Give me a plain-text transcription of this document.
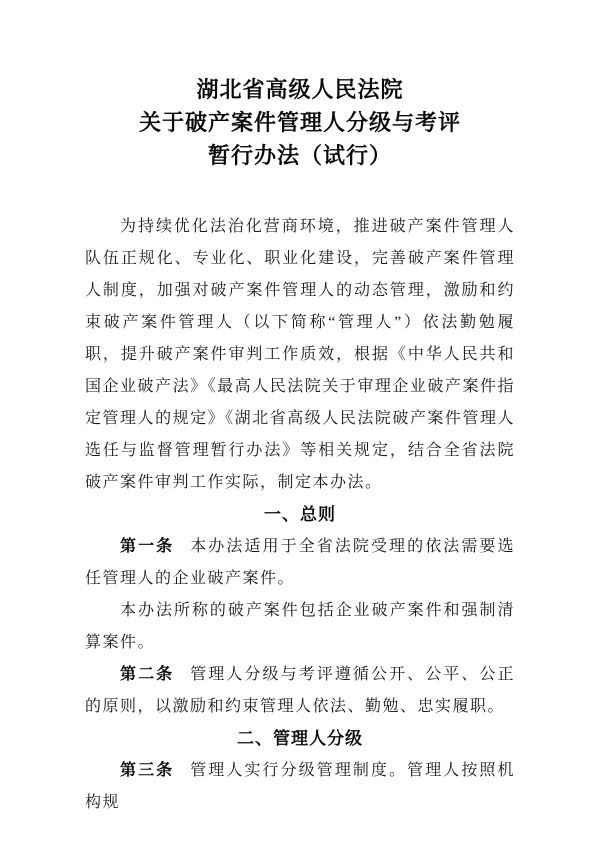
湖北省高级人民法院
关于破产案件管理人分级与考评
暂行办法（试行）

为持续优化法治化营商环境，推进破产案件管理人队伍正规化、专业化、职业化建设，完善破产案件管理人制度，加强对破产案件管理人的动态管理，激励和约束破产案件管理人（以下简称“管理人”）依法勤勉履职，提升破产案件审判工作质效，根据《中华人民共和国企业破产法》《最高人民法院关于审理企业破产案件指定管理人的规定》《湖北省高级人民法院破产案件管理人选任与监督管理暂行办法》等相关规定，结合全省法院破产案件审判工作实际，制定本办法。

一、总则

第一条 本办法适用于全省法院受理的依法需要选任管理人的企业破产案件。

本办法所称的破产案件包括企业破产案件和强制清算案件。

第二条 管理人分级与考评遵循公开、公平、公正的原则，以激励和约束管理人依法、勤勉、忠实履职。

二、管理人分级

第三条 管理人实行分级管理制度。管理人按照机构规
